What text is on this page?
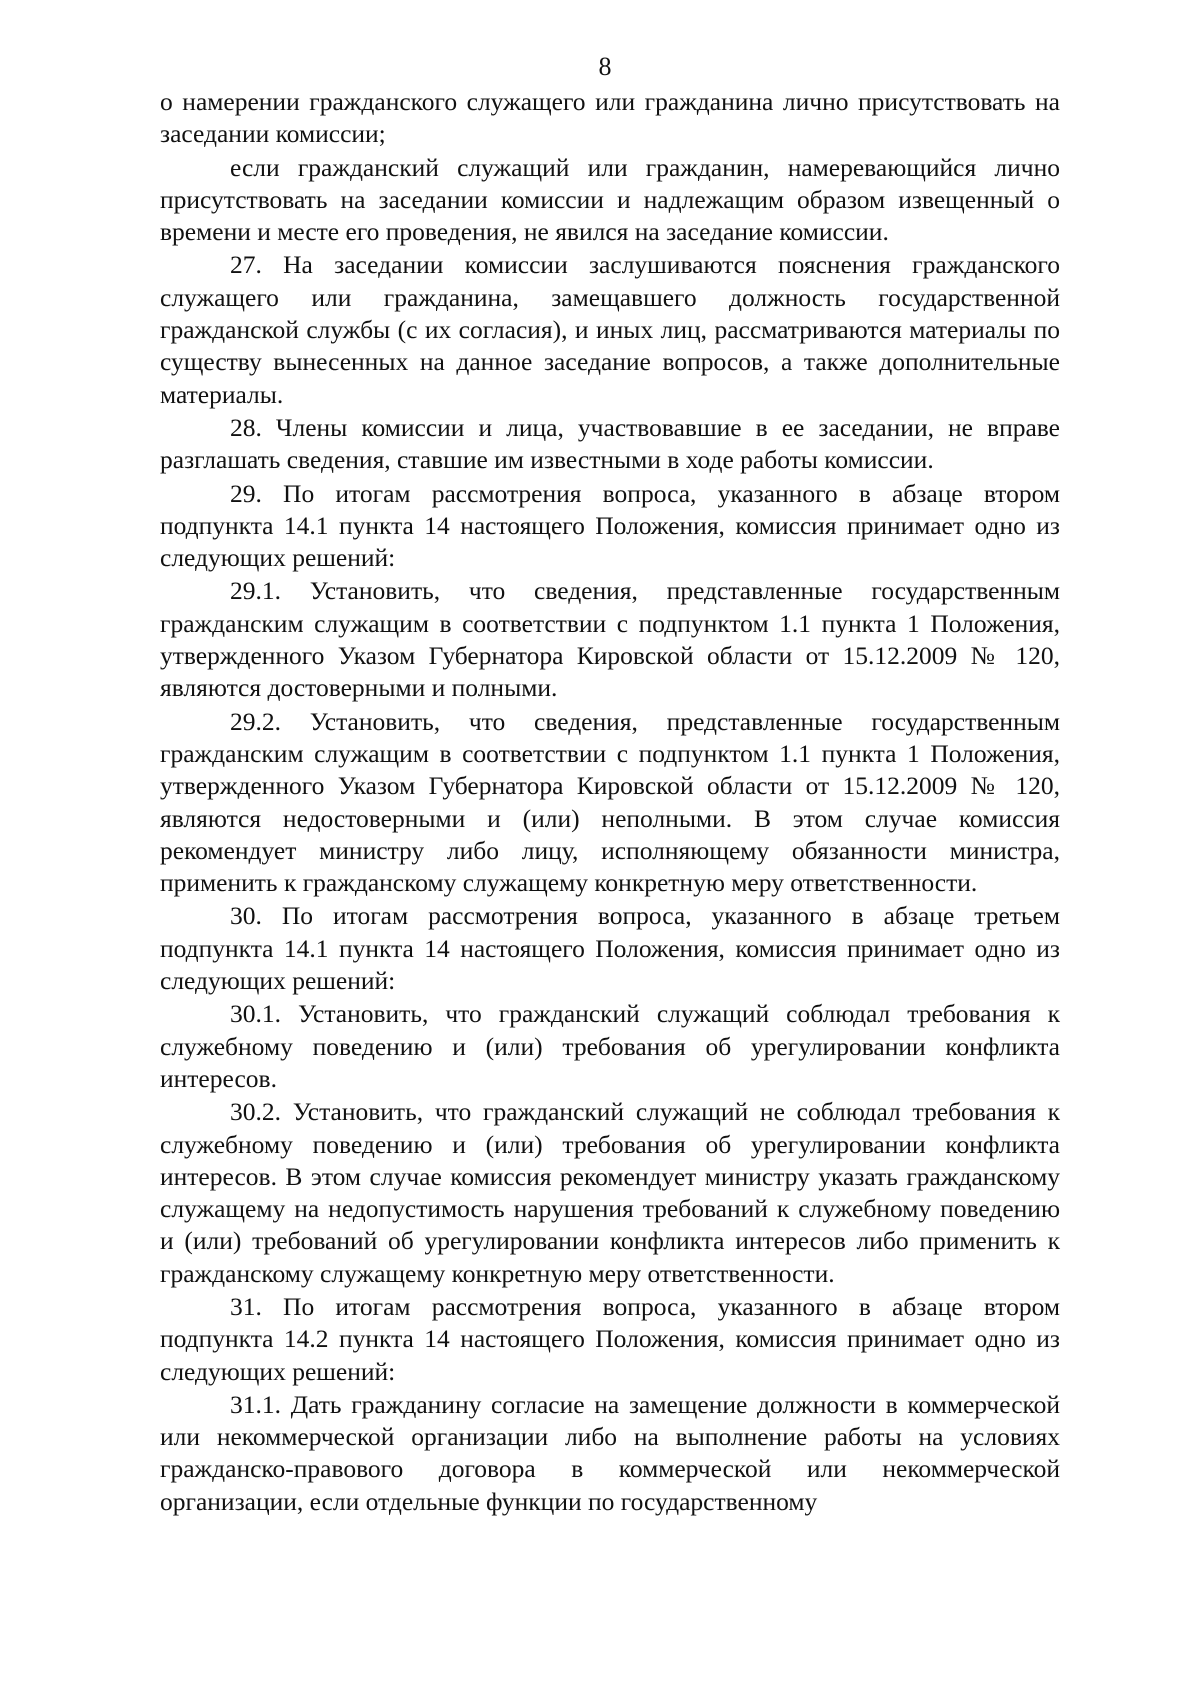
8

о намерении гражданского служащего или гражданина лично присутствовать на заседании комиссии;

если гражданский служащий или гражданин, намеревающийся лично присутствовать на заседании комиссии и надлежащим образом извещенный о времени и месте его проведения, не явился на заседание комиссии.

27. На заседании комиссии заслушиваются пояснения гражданского служащего или гражданина, замещавшего должность государственной гражданской службы (с их согласия), и иных лиц, рассматриваются материалы по существу вынесенных на данное заседание вопросов, а также дополнительные материалы.

28. Члены комиссии и лица, участвовавшие в ее заседании, не вправе разглашать сведения, ставшие им известными в ходе работы комиссии.

29. По итогам рассмотрения вопроса, указанного в абзаце втором подпункта 14.1 пункта 14 настоящего Положения, комиссия принимает одно из следующих решений:

29.1. Установить, что сведения, представленные государственным гражданским служащим в соответствии с подпунктом 1.1 пункта 1 Положения, утвержденного Указом Губернатора Кировской области от 15.12.2009 № 120, являются достоверными и полными.

29.2. Установить, что сведения, представленные государственным гражданским служащим в соответствии с подпунктом 1.1 пункта 1 Положения, утвержденного Указом Губернатора Кировской области от 15.12.2009 № 120, являются недостоверными и (или) неполными. В этом случае комиссия рекомендует министру либо лицу, исполняющему обязанности министра, применить к гражданскому служащему конкретную меру ответственности.

30. По итогам рассмотрения вопроса, указанного в абзаце третьем подпункта 14.1 пункта 14 настоящего Положения, комиссия принимает одно из следующих решений:

30.1. Установить, что гражданский служащий соблюдал требования к служебному поведению и (или) требования об урегулировании конфликта интересов.

30.2. Установить, что гражданский служащий не соблюдал требования к служебному поведению и (или) требования об урегулировании конфликта интересов. В этом случае комиссия рекомендует министру указать гражданскому служащему на недопустимость нарушения требований к служебному поведению и (или) требований об урегулировании конфликта интересов либо применить к гражданскому служащему конкретную меру ответственности.

31. По итогам рассмотрения вопроса, указанного в абзаце втором подпункта 14.2 пункта 14 настоящего Положения, комиссия принимает одно из следующих решений:

31.1. Дать гражданину согласие на замещение должности в коммерческой или некоммерческой организации либо на выполнение работы на условиях гражданско-правового договора в коммерческой или некоммерческой организации, если отдельные функции по государственному
